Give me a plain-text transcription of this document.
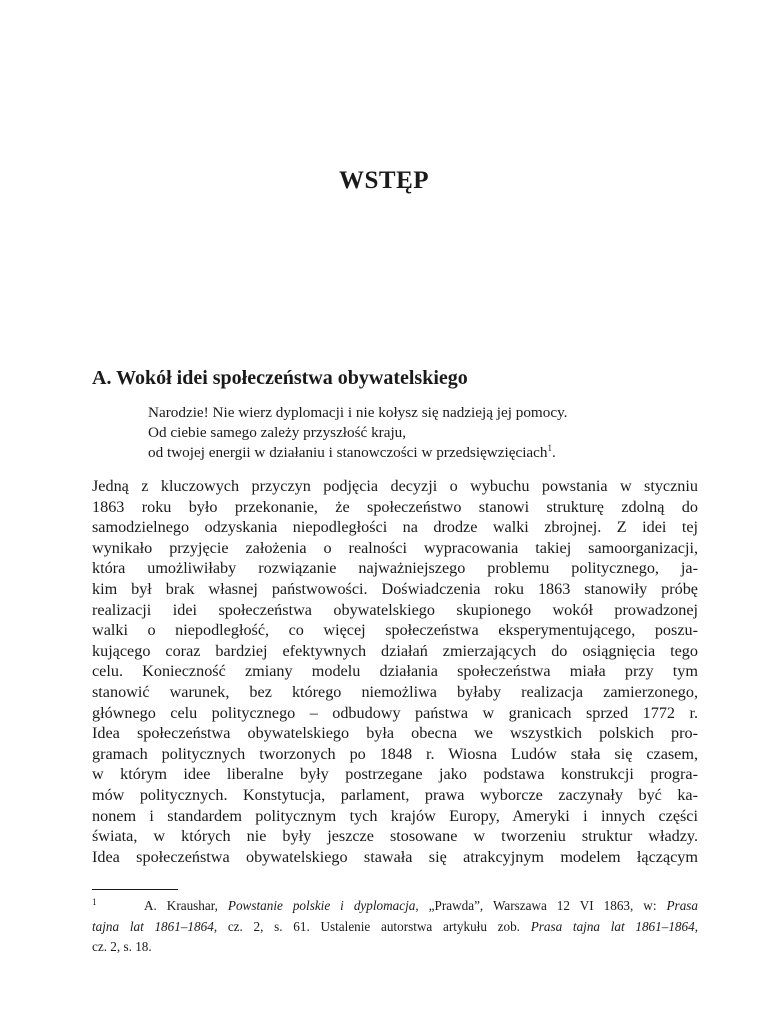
WSTĘP
A. Wokół idei społeczeństwa obywatelskiego
Narodzie! Nie wierz dyplomacji i nie kołysz się nadzieją jej pomocy.
Od ciebie samego zależy przyszłość kraju,
od twojej energii w działaniu i stanowczości w przedsięwzięciach$^1$.
Jedną z kluczowych przyczyn podjęcia decyzji o wybuchu powstania w styczniu
1863 roku było przekonanie, że społeczeństwo stanowi strukturę zdolną do
samodzielnego odzyskania niepodległości na drodze walki zbrojnej. Z idei tej
wynikało przyjęcie założenia o realności wypracowania takiej samoorganizacji,
która umożliwiłaby rozwiązanie najważniejszego problemu politycznego, ja-
kim był brak własnej państwowości. Doświadczenia roku 1863 stanowiły próbę
realizacji idei społeczeństwa obywatelskiego skupionego wokół prowadzonej
walki o niepodległość, co więcej społeczeństwa eksperymentującego, poszu-
kującego coraz bardziej efektywnych działań zmierzających do osiągnięcia tego
celu. Konieczność zmiany modelu działania społeczeństwa miała przy tym
stanowić warunek, bez którego niemożliwa byłaby realizacja zamierzonego,
głównego celu politycznego – odbudowy państwa w granicach sprzed 1772 r.
Idea społeczeństwa obywatelskiego była obecna we wszystkich polskich pro-
gramach politycznych tworzonych po 1848 r. Wiosna Ludów stała się czasem,
w którym idee liberalne były postrzegane jako podstawa konstrukcji progra-
mów politycznych. Konstytucja, parlament, prawa wyborcze zaczynały być ka-
nonem i standardem politycznym tych krajów Europy, Ameryki i innych części
świata, w których nie były jeszcze stosowane w tworzeniu struktur władzy.
Idea społeczeństwa obywatelskiego stawała się atrakcyjnym modelem łączącym
1	A. Kraushar, Powstanie polskie i dyplomacja, „Prawda”, Warszawa 12 VI 1863, w: Prasa
tajna lat 1861–1864, cz. 2, s. 61. Ustalenie autorstwa artykułu zob. Prasa tajna lat 1861–1864,
cz. 2, s. 18.
